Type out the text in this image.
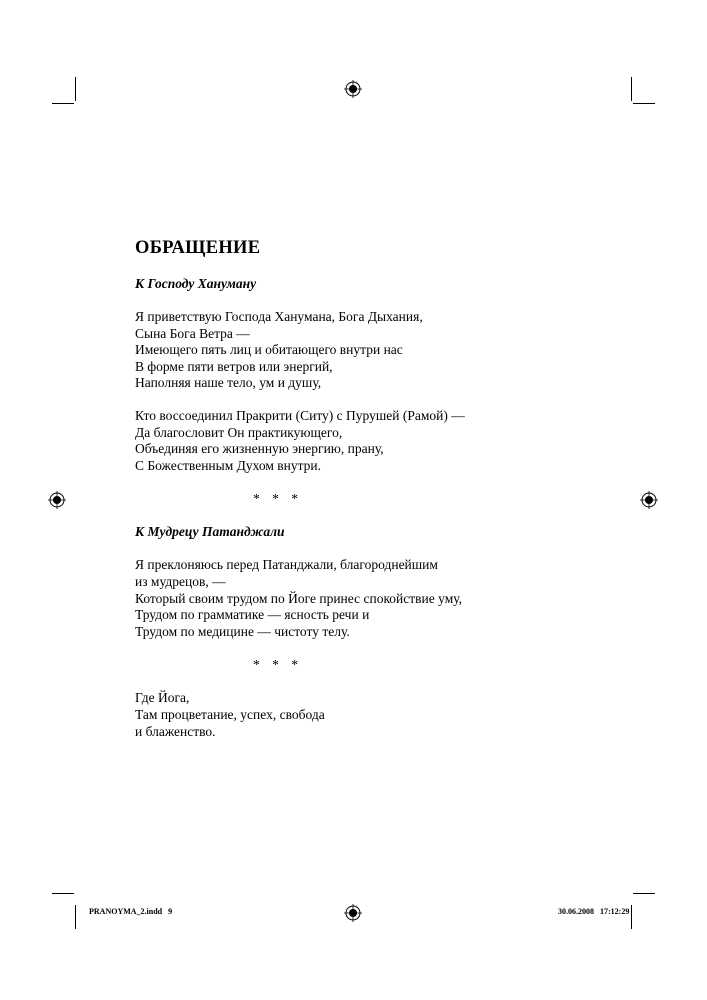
ОБРАЩЕНИЕ
К Господу Хануману
Я приветствую Господа Ханумана, Бога Дыхания,
Сына Бога Ветра —
Имеющего пять лиц и обитающего внутри нас
В форме пяти ветров или энергий,
Наполняя наше тело, ум и душу,
Кто воссоединил Пракрити (Ситу) с Пурушей (Рамой) —
Да благословит Он практикующего,
Объединяя его жизненную энергию, прану,
С Божественным Духом внутри.
* * *
К Мудрецу Патанджали
Я преклоняюсь перед Патанджали, благороднейшим
из мудрецов, —
Который своим трудом по Йоге принес спокойствие уму,
Трудом по грамматике — ясность речи и
Трудом по медицине — чистоту телу.
* * *
Где Йога,
Там процветание, успех, свобода
и блаженство.
PRANOYMA_2.indd   9	30.06.2008   17:12:29
